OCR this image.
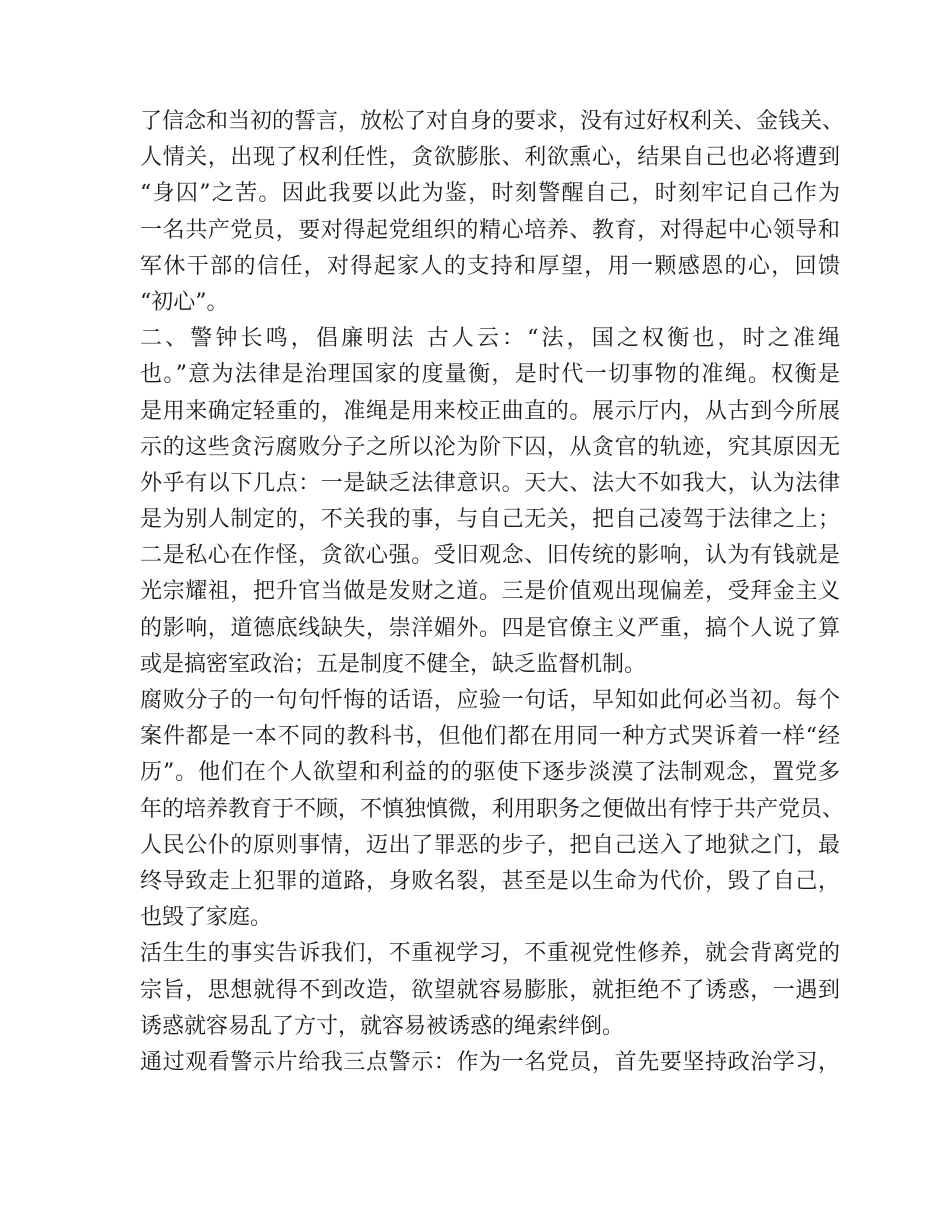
了信念和当初的誓言，放松了对自身的要求，没有过好权利关、金钱关、
人情关，出现了权利任性，贪欲膨胀、利欲熏心，结果自己也必将遭到
“身囚”之苦。因此我要以此为鉴，时刻警醒自己，时刻牢记自己作为
一名共产党员，要对得起党组织的精心培养、教育，对得起中心领导和
军休干部的信任，对得起家人的支持和厚望，用一颗感恩的心，回馈
“初心”。
二、警钟长鸣，倡廉明法 古人云：“法，国之权衡也，时之准绳
也。”意为法律是治理国家的度量衡，是时代一切事物的准绳。权衡是
是用来确定轻重的，准绳是用来校正曲直的。展示厅内，从古到今所展
示的这些贪污腐败分子之所以沦为阶下囚，从贪官的轨迹，究其原因无
外乎有以下几点：一是缺乏法律意识。天大、法大不如我大，认为法律
是为别人制定的，不关我的事，与自己无关，把自己凌驾于法律之上；
二是私心在作怪，贪欲心强。受旧观念、旧传统的影响，认为有钱就是
光宗耀祖，把升官当做是发财之道。三是价值观出现偏差，受拜金主义
的影响，道德底线缺失，崇洋媚外。四是官僚主义严重，搞个人说了算
或是搞密室政治；五是制度不健全，缺乏监督机制。
腐败分子的一句句忏悔的话语，应验一句话，早知如此何必当初。每个
案件都是一本不同的教科书，但他们都在用同一种方式哭诉着一样“经
历”。他们在个人欲望和利益的的驱使下逐步淡漠了法制观念，置党多
年的培养教育于不顾，不慎独慎微，利用职务之便做出有悖于共产党员、
人民公仆的原则事情，迈出了罪恶的步子，把自己送入了地狱之门，最
终导致走上犯罪的道路，身败名裂，甚至是以生命为代价，毁了自己，
也毁了家庭。
活生生的事实告诉我们，不重视学习，不重视党性修养，就会背离党的
宗旨，思想就得不到改造，欲望就容易膨胀，就拒绝不了诱惑，一遇到
诱惑就容易乱了方寸，就容易被诱惑的绳索绊倒。
通过观看警示片给我三点警示：作为一名党员，首先要坚持政治学习，
